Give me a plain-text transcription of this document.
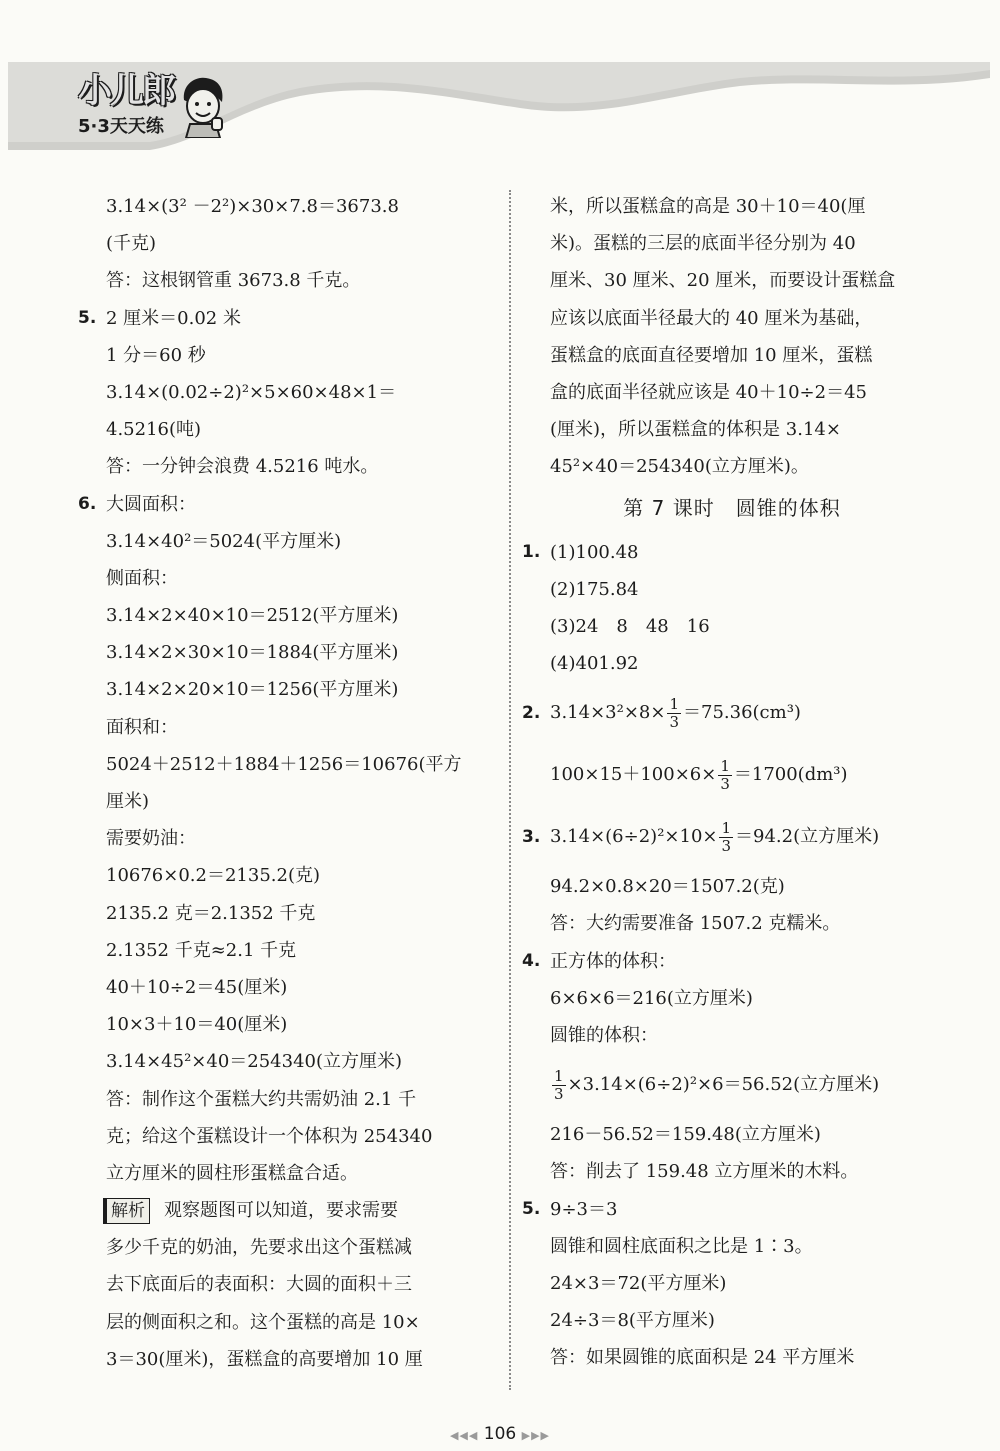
小儿郎
5·3天天练
3.14×(3² －2²)×30×7.8＝3673.8
(千克)
答：这根钢管重 3673.8 千克。
5. 2 厘米＝0.02 米
1 分＝60 秒
3.14×(0.02÷2)²×5×60×48×1＝
4.5216(吨)
答：一分钟会浪费 4.5216 吨水。
6. 大圆面积：
3.14×40²＝5024(平方厘米)
侧面积：
3.14×2×40×10＝2512(平方厘米)
3.14×2×30×10＝1884(平方厘米)
3.14×2×20×10＝1256(平方厘米)
面积和：
5024＋2512＋1884＋1256＝10676(平方
厘米)
需要奶油：
10676×0.2＝2135.2(克)
2135.2 克＝2.1352 千克
2.1352 千克≈2.1 千克
40＋10÷2＝45(厘米)
10×3＋10＝40(厘米)
3.14×45²×40＝254340(立方厘米)
答：制作这个蛋糕大约共需奶油 2.1 千
克；给这个蛋糕设计一个体积为 254340
立方厘米的圆柱形蛋糕盒合适。
解析 观察题图可以知道，要求需要
多少千克的奶油，先要求出这个蛋糕减
去下底面后的表面积：大圆的面积＋三
层的侧面积之和。这个蛋糕的高是 10×
3＝30(厘米)，蛋糕盒的高要增加 10 厘
米，所以蛋糕盒的高是 30＋10＝40(厘
米)。蛋糕的三层的底面半径分别为 40
厘米、30 厘米、20 厘米，而要设计蛋糕盒
应该以底面半径最大的 40 厘米为基础，
蛋糕盒的底面直径要增加 10 厘米，蛋糕
盒的底面半径就应该是 40＋10÷2＝45
(厘米)，所以蛋糕盒的体积是 3.14×
45²×40＝254340(立方厘米)。
第 7 课时　圆锥的体积
1. (1)100.48
(2)175.84
(3)24　8　48　16
(4)401.92
2. $3.14\times 3^2\times 8\times \frac{1}{3} =75.36(cm^3)$
$100\times 15+100\times 6\times \frac{1}{3} =1700(dm^3)$
3. $3.14\times(6\div 2)^2\times 10\times \frac{1}{3} =94.2$(立方厘米)
94.2×0.8×20＝1507.2(克)
答：大约需要准备 1507.2 克糯米。
4. 正方体的体积：
6×6×6＝216(立方厘米)
圆锥的体积：
$\frac{1}{3} \times 3.14\times(6\div 2)^2\times 6=56.52$(立方厘米)
216－56.52＝159.48(立方厘米)
答：削去了 159.48 立方厘米的木料。
5. 9÷3＝3
圆锥和圆柱底面积之比是 1∶3。
24×3＝72(平方厘米)
24÷3＝8(平方厘米)
答：如果圆锥的底面积是 24 平方厘米
◀◀◀ 106 ▶▶▶
